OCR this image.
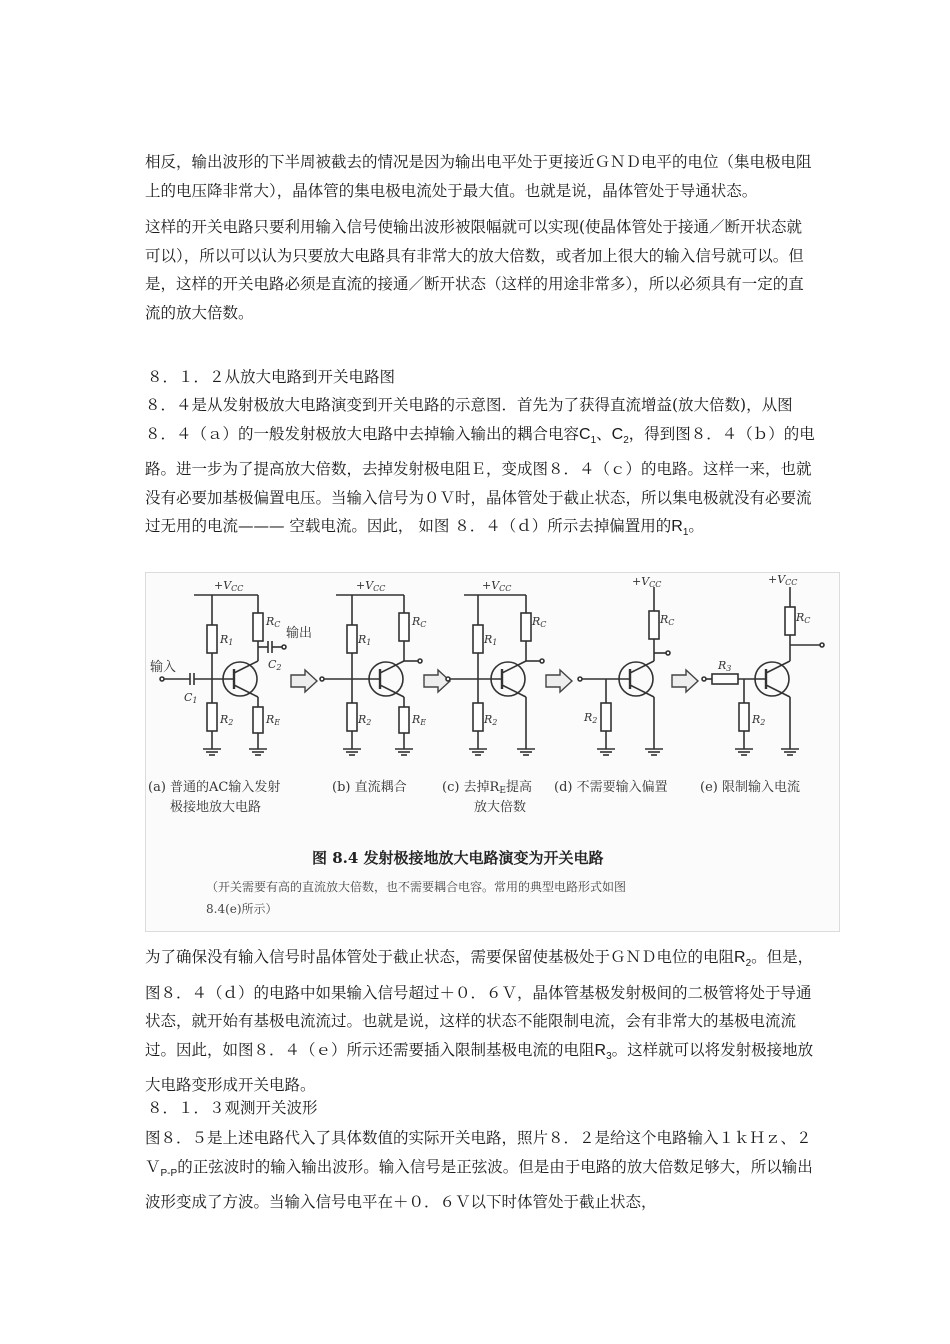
相反，输出波形的下半周被截去的情况是因为输出电平处于更接近ＧＮＤ电平的电位（集电极电阻上的电压降非常大），晶体管的集电极电流处于最大值。也就是说，晶体管处于导通状态。

这样的开关电路只要利用输入信号使输出波形被限幅就可以实现(使晶体管处于接通／断开状态就可以），所以可以认为只要放大电路具有非常大的放大倍数，或者加上很大的输入信号就可以。但是，这样的开关电路必须是直流的接通／断开状态（这样的用途非常多），所以必须具有一定的直流的放大倍数。

８．１．２从放大电路到开关电路图

８．４是从发射极放大电路演变到开关电路的示意图．首先为了获得直流增益(放大倍数)，从图８．４（ａ）的一般发射极放大电路中去掉输入输出的耦合电容$C_1$、$C_2$，得到图８．４（ｂ）的电路。进一步为了提高放大倍数，去掉发射极电阻Ｅ，变成图８．４（ｃ）的电路。这样一来，也就没有必要加基极偏置电压。当输入信号为０Ｖ时，晶体管处于截止状态，所以集电极就没有必要流过无用的电流——— 空载电流。因此， 如图 ８．４（ｄ）所示去掉偏置用的$R_1$。

+VCC	+VCC	+VCC
+VCC	+VCC
输出
输入
R1
R2
RC
RE
C2
C1
R1
R2
RC
RE
R1
R2
RC
R2
RC
R3
R2
RC
(a) 普通的AC输入发射
极接地放大电路
(b) 直流耦合	(c) 去掉RE提高
放大倍数
(d) 不需要输入偏置 (e) 限制输入电流
图 8.4 发射极接地放大电路演变为开关电路
（开关需要有高的直流放大倍数，也不需要耦合电容。常用的典型电路形式如图
8.4(e)所示）

为了确保没有输入信号时晶体管处于截止状态，需要保留使基极处于ＧＮＤ电位的电阻$R_2$。但是，图８．４（ｄ）的电路中如果输入信号超过＋０．６Ｖ，晶体管基极发射极间的二极管将处于导通状态，就开始有基极电流流过。也就是说，这样的状态不能限制电流，会有非常大的基极电流流过。因此，如图８．４（ｅ）所示还需要插入限制基极电流的电阻$R_3$。这样就可以将发射极接地放大电路变形成开关电路。

８．１．３观测开关波形

图８．５是上述电路代入了具体数值的实际开关电路，照片８．２是给这个电路输入１ｋＨｚ、２Ｖ$_{P-P}$的正弦波时的输入输出波形。输入信号是正弦波。但是由于电路的放大倍数足够大，所以输出波形变成了方波。当输入信号电平在＋０．６Ｖ以下时体管处于截止状态，
